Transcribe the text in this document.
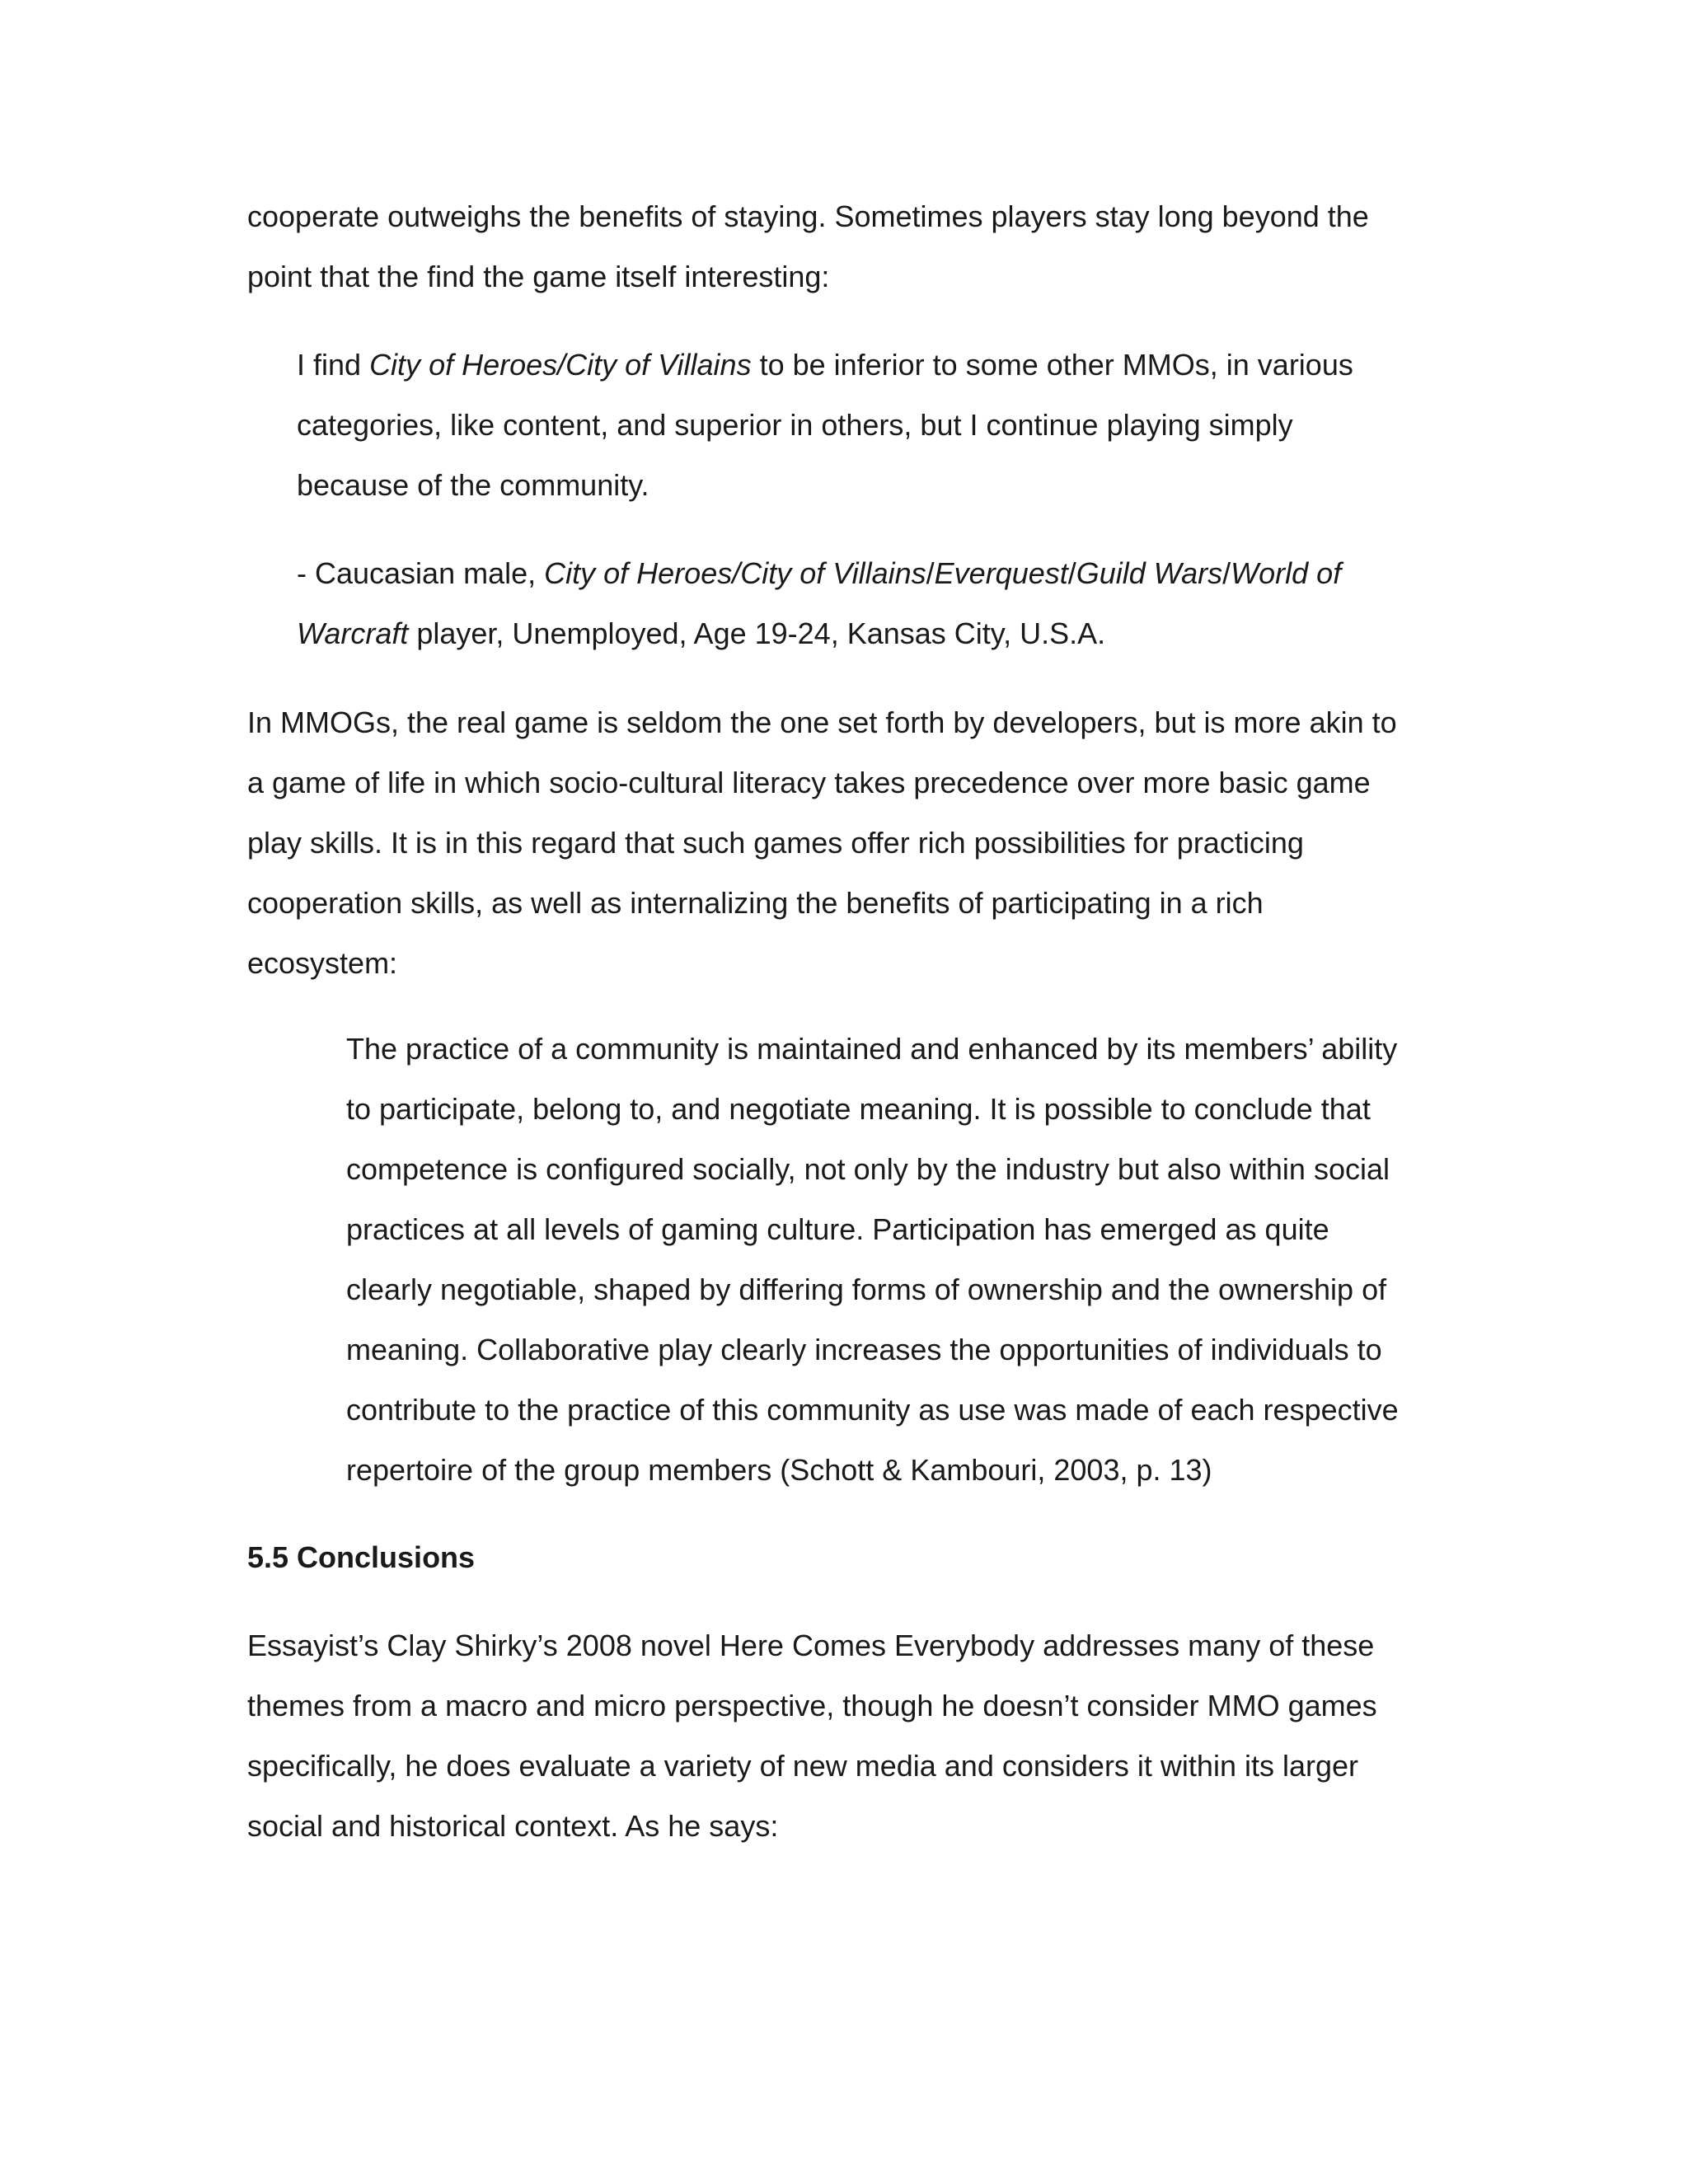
cooperate outweighs the benefits of staying. Sometimes players stay long beyond the
point that the find the game itself interesting:
I find City of Heroes/City of Villains to be inferior to some other MMOs, in various
categories, like content, and superior in others, but I continue playing simply
because of the community.
- Caucasian male, City of Heroes/City of Villains/Everquest/Guild Wars/World of
Warcraft player, Unemployed, Age 19-24, Kansas City, U.S.A.
In MMOGs, the real game is seldom the one set forth by developers, but is more akin to
a game of life in which socio-cultural literacy takes precedence over more basic game
play skills. It is in this regard that such games offer rich possibilities for practicing
cooperation skills, as well as internalizing the benefits of participating in a rich
ecosystem:
The practice of a community is maintained and enhanced by its members’ ability
to participate, belong to, and negotiate meaning. It is possible to conclude that
competence is configured socially, not only by the industry but also within social
practices at all levels of gaming culture. Participation has emerged as quite
clearly negotiable, shaped by differing forms of ownership and the ownership of
meaning. Collaborative play clearly increases the opportunities of individuals to
contribute to the practice of this community as use was made of each respective
repertoire of the group members (Schott & Kambouri, 2003, p. 13)
5.5 Conclusions
Essayist’s Clay Shirky’s 2008 novel Here Comes Everybody addresses many of these
themes from a macro and micro perspective, though he doesn’t consider MMO games
specifically, he does evaluate a variety of new media and considers it within its larger
social and historical context. As he says:
